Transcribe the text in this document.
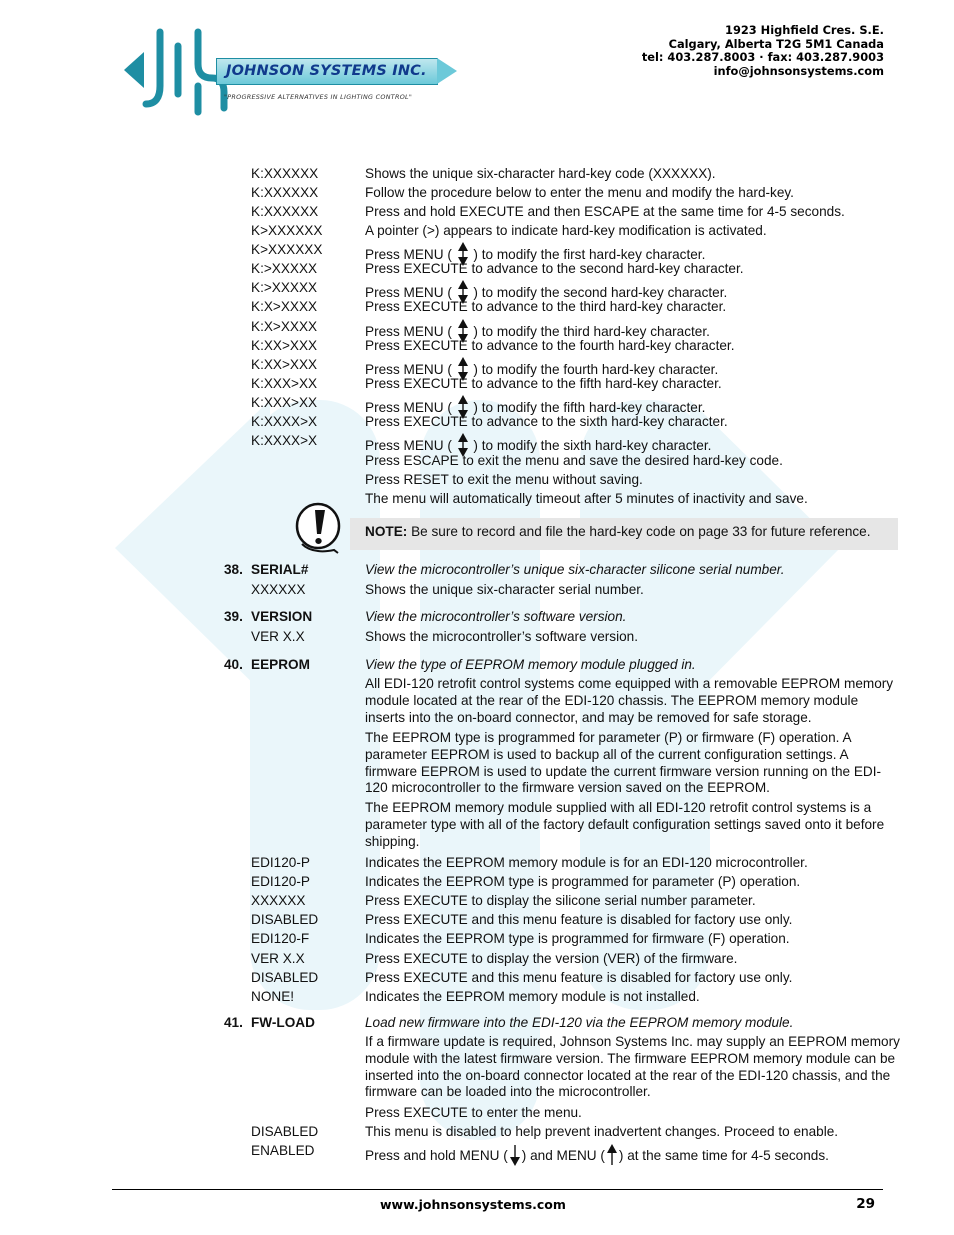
JOHNSON SYSTEMS INC.
"PROGRESSIVE ALTERNATIVES IN LIGHTING CONTROL"
1923 Highfield Cres. S.E.
Calgary, Alberta T2G 5M1 Canada
tel: 403.287.8003 · fax: 403.287.9003
info@johnsonsystems.com
K:XXXXXX	Shows the unique six-character hard-key code (XXXXXX).
K:XXXXXX	Follow the procedure below to enter the menu and modify the hard-key.
K:XXXXXX	Press and hold EXECUTE and then ESCAPE at the same time for 4-5 seconds.
K>XXXXXX	A pointer (>) appears to indicate hard-key modification is activated.
K>XXXXXX	Press MENU ( ) to modify the first hard-key character.
K:>XXXXX	Press EXECUTE to advance to the second hard-key character.
K:>XXXXX	Press MENU ( ) to modify the second hard-key character.
K:X>XXXX	Press EXECUTE to advance to the third hard-key character.
K:X>XXXX	Press MENU ( ) to modify the third hard-key character.
K:XX>XXX	Press EXECUTE to advance to the fourth hard-key character.
K:XX>XXX	Press MENU ( ) to modify the fourth hard-key character.
K:XXX>XX	Press EXECUTE to advance to the fifth hard-key character.
K:XXX>XX	Press MENU ( ) to modify the fifth hard-key character.
K:XXXX>X	Press EXECUTE to advance to the sixth hard-key character.
K:XXXX>X	Press MENU ( ) to modify the sixth hard-key character.
Press ESCAPE to exit the menu and save the desired hard-key code.
Press RESET to exit the menu without saving.
The menu will automatically timeout after 5 minutes of inactivity and save.
NOTE: Be sure to record and file the hard-key code on page 33 for future reference.
38. SERIAL#	View the microcontroller’s unique six-character silicone serial number.
XXXXXX	Shows the unique six-character serial number.
39. VERSION	View the microcontroller’s software version.
VER X.X	Shows the microcontroller’s software version.
40. EEPROM	View the type of EEPROM memory module plugged in.
All EDI-120 retrofit control systems come equipped with a removable EEPROM memory module located at the rear of the EDI-120 chassis. The EEPROM memory module inserts into the on-board connector, and may be removed for safe storage.
The EEPROM type is programmed for parameter (P) or firmware (F) operation. A parameter EEPROM is used to backup all of the current configuration settings. A firmware EEPROM is used to update the current firmware version running on the EDI-120 microcontroller to the firmware version saved on the EEPROM.
The EEPROM memory module supplied with all EDI-120 retrofit control systems is a parameter type with all of the factory default configuration settings saved onto it before shipping.
EDI120-P	Indicates the EEPROM memory module is for an EDI-120 microcontroller.
EDI120-P	Indicates the EEPROM type is programmed for parameter (P) operation.
XXXXXX	Press EXECUTE to display the silicone serial number parameter.
DISABLED	Press EXECUTE and this menu feature is disabled for factory use only.
EDI120-F	Indicates the EEPROM type is programmed for firmware (F) operation.
VER X.X	Press EXECUTE to display the version (VER) of the firmware.
DISABLED	Press EXECUTE and this menu feature is disabled for factory use only.
NONE!	Indicates the EEPROM memory module is not installed.
41. FW-LOAD	Load new firmware into the EDI-120 via the EEPROM memory module.
If a firmware update is required, Johnson Systems Inc. may supply an EEPROM memory module with the latest firmware version. The firmware EEPROM memory module can be inserted into the on-board connector located at the rear of the EDI-120 chassis, and the firmware can be loaded into the microcontroller.
Press EXECUTE to enter the menu.
DISABLED	This menu is disabled to help prevent inadvertent changes. Proceed to enable.
ENABLED	Press and hold MENU ( ) and MENU ( ) at the same time for 4-5 seconds.
www.johnsonsystems.com	29
